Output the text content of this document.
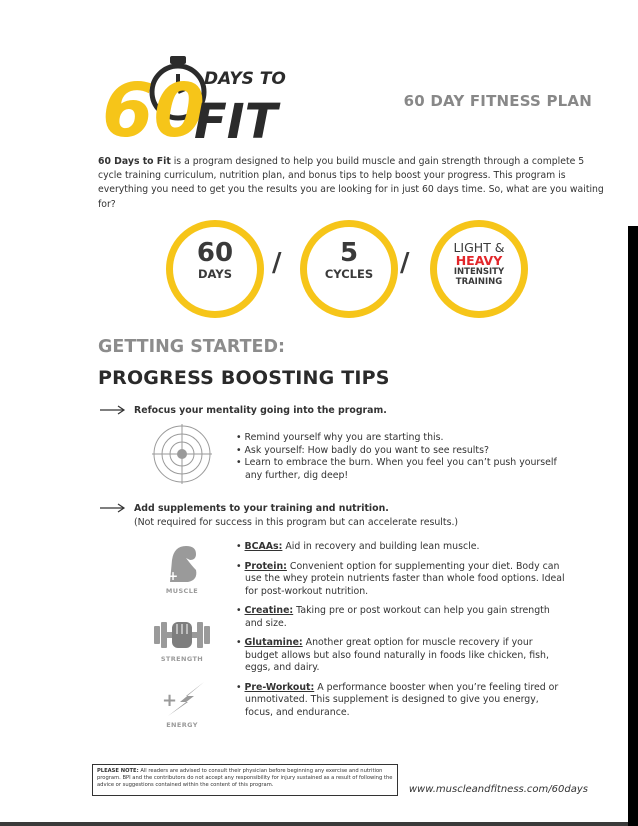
60 DAYS TO
FIT	60 DAY FITNESS PLAN
60 Days to Fit is a program designed to help you build muscle and gain strength through a complete 5 cycle training curriculum, nutrition plan, and bonus tips to help boost your progress. This program is everything you need to get you the results you are looking for in just 60 days time. So, what are you waiting for?
60
DAYS	/	5
CYCLES	/
LIGHT &
HEAVY
INTENSITY
TRAINING
GETTING STARTED:
PROGRESS BOOSTING TIPS
Refocus your mentality going into the program.
• Remind yourself why you are starting this.
• Ask yourself: How badly do you want to see results?
• Learn to embrace the burn. When you feel you can’t push yourself any further, dig deep!
Add supplements to your training and nutrition.
(Not required for success in this program but can accelerate results.)
+
MUSCLE
STRENGTH
+
ENERGY
• BCAAs: Aid in recovery and building lean muscle.
• Protein: Convenient option for supplementing your diet. Body can use the whey protein nutrients faster than whole food options. Ideal for post-workout nutrition.
• Creatine: Taking pre or post workout can help you gain strength and size.
• Glutamine: Another great option for muscle recovery if your budget allows but also found naturally in foods like chicken, fish, eggs, and dairy.
• Pre-Workout: A performance booster when you’re feeling tired or unmotivated. This supplement is designed to give you energy, focus, and endurance.
PLEASE NOTE: All readers are advised to consult their physician before beginning any exercise and nutrition program. BPI and the contributors do not accept any responsibility for injury sustained as a result of following the advice or suggestions contained within the content of this program.	www.muscleandfitness.com/60days
